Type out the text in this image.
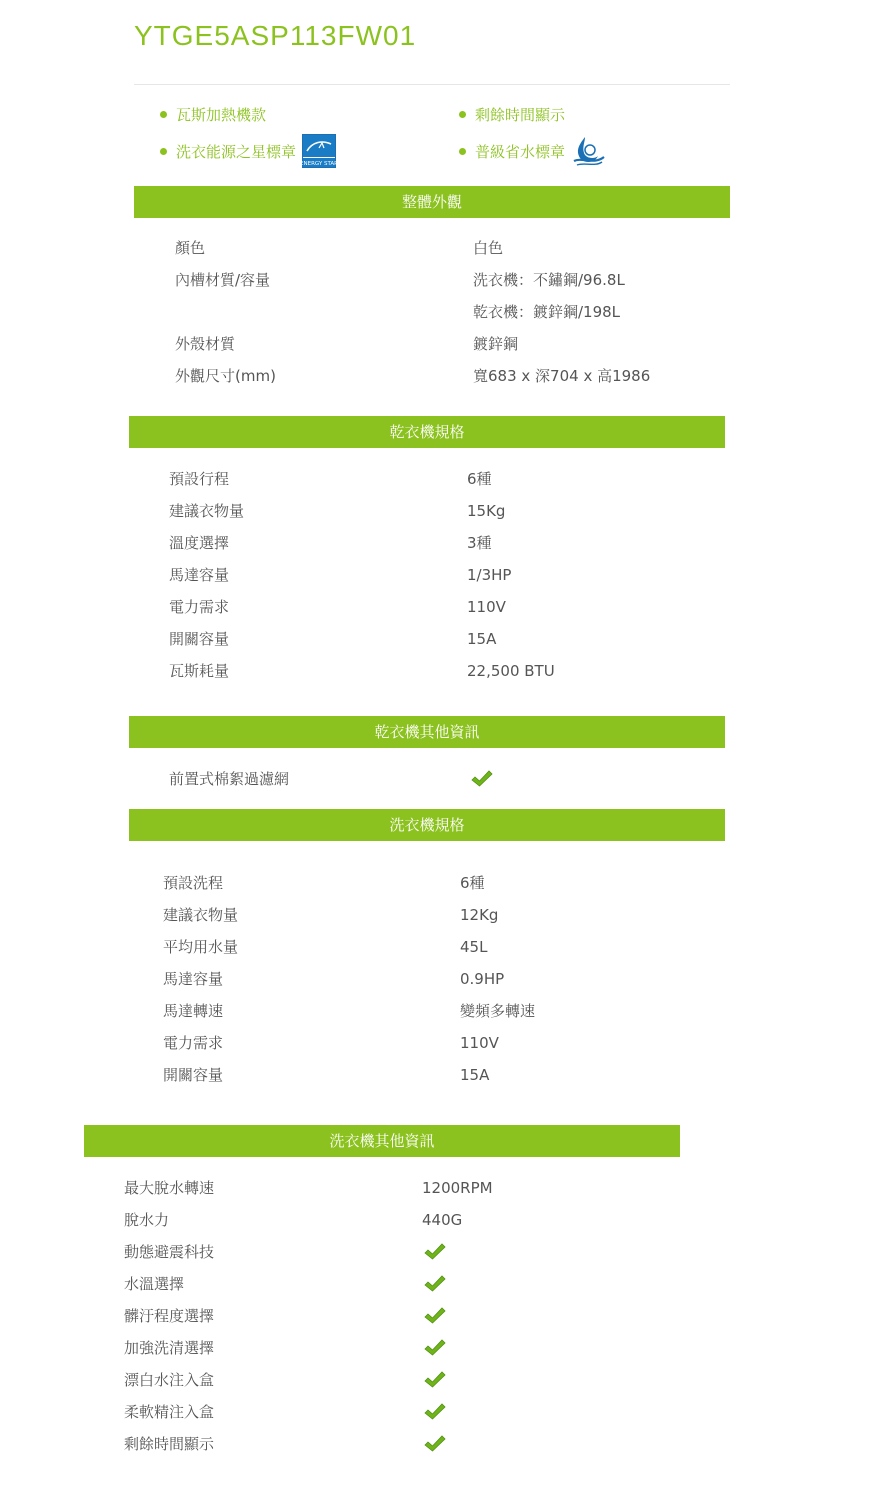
YTGE5ASP113FW01
瓦斯加熱機款	剩餘時間顯示
洗衣能源之星標章
ENERGY STAR
普級省水標章
整體外觀
乾衣機規格
乾衣機其他資訊
洗衣機規格
洗衣機其他資訊
顏色	白色
內槽材質/容量	洗衣機：不鏽鋼/96.8L
乾衣機：鍍鋅鋼/198L
外殼材質	鍍鋅鋼
外觀尺寸(mm)	寬683 x 深704 x 高1986
預設行程	6種
建議衣物量	15Kg
溫度選擇	3種
馬達容量	1/3HP
電力需求	110V
開關容量	15A
瓦斯耗量	22,500 BTU
前置式棉絮過濾網
預設洗程	6種
建議衣物量	12Kg
平均用水量	45L
馬達容量	0.9HP
馬達轉速	變頻多轉速
電力需求	110V
開關容量	15A
最大脫水轉速	1200RPM
脫水力	440G
動態避震科技
水溫選擇
髒汙程度選擇
加強洗清選擇
漂白水注入盒
柔軟精注入盒
剩餘時間顯示
